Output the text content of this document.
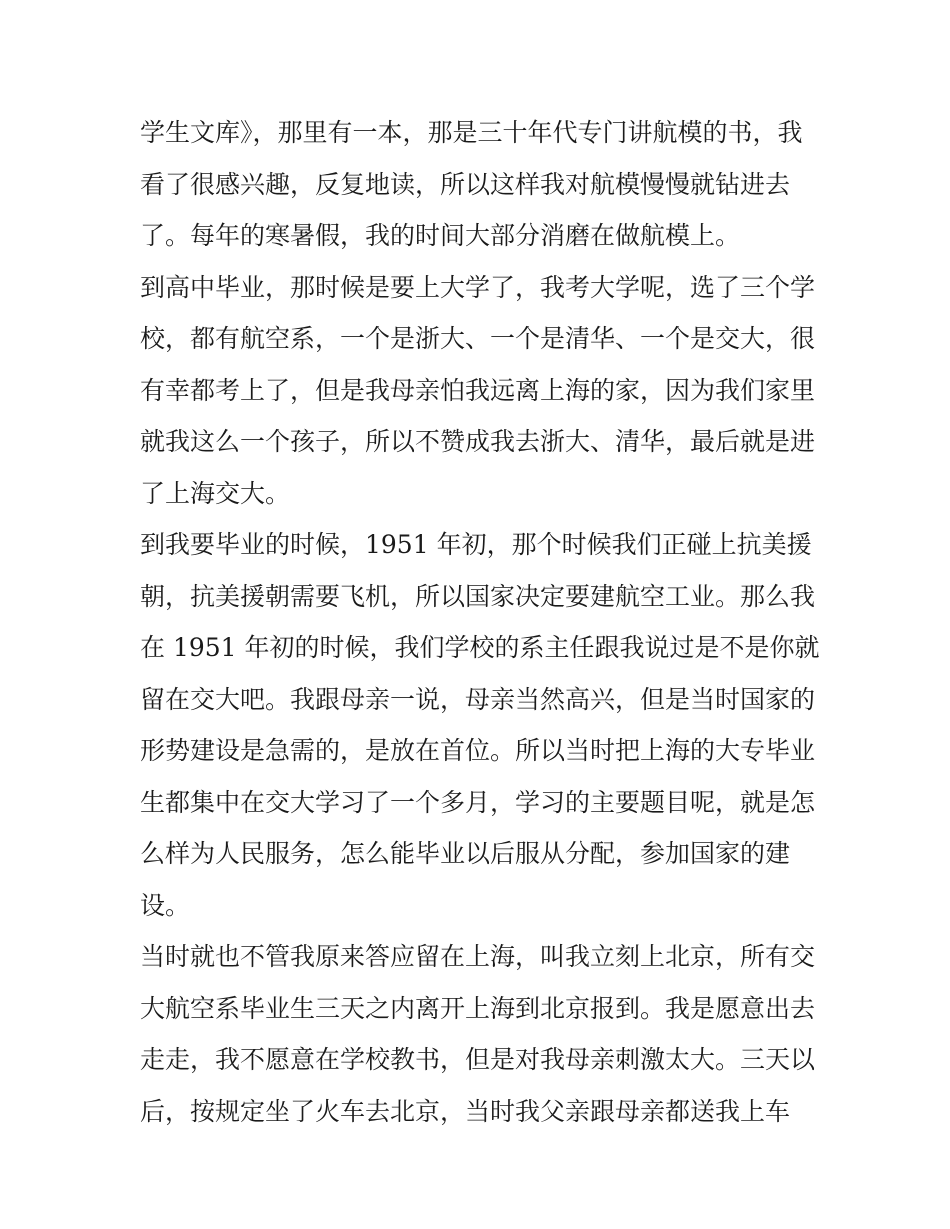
学生文库》，那里有一本，那是三十年代专门讲航模的书，我
看了很感兴趣，反复地读，所以这样我对航模慢慢就钻进去
了。每年的寒暑假，我的时间大部分消磨在做航模上。
到高中毕业，那时候是要上大学了，我考大学呢，选了三个学
校，都有航空系，一个是浙大、一个是清华、一个是交大，很
有幸都考上了，但是我母亲怕我远离上海的家，因为我们家里
就我这么一个孩子，所以不赞成我去浙大、清华，最后就是进
了上海交大。
到我要毕业的时候，1951 年初，那个时候我们正碰上抗美援
朝，抗美援朝需要飞机，所以国家决定要建航空工业。那么我
在 1951 年初的时候，我们学校的系主任跟我说过是不是你就
留在交大吧。我跟母亲一说，母亲当然高兴，但是当时国家的
形势建设是急需的，是放在首位。所以当时把上海的大专毕业
生都集中在交大学习了一个多月，学习的主要题目呢，就是怎
么样为人民服务，怎么能毕业以后服从分配，参加国家的建
设。
当时就也不管我原来答应留在上海，叫我立刻上北京，所有交
大航空系毕业生三天之内离开上海到北京报到。我是愿意出去
走走，我不愿意在学校教书，但是对我母亲刺激太大。三天以
后，按规定坐了火车去北京，当时我父亲跟母亲都送我上车
